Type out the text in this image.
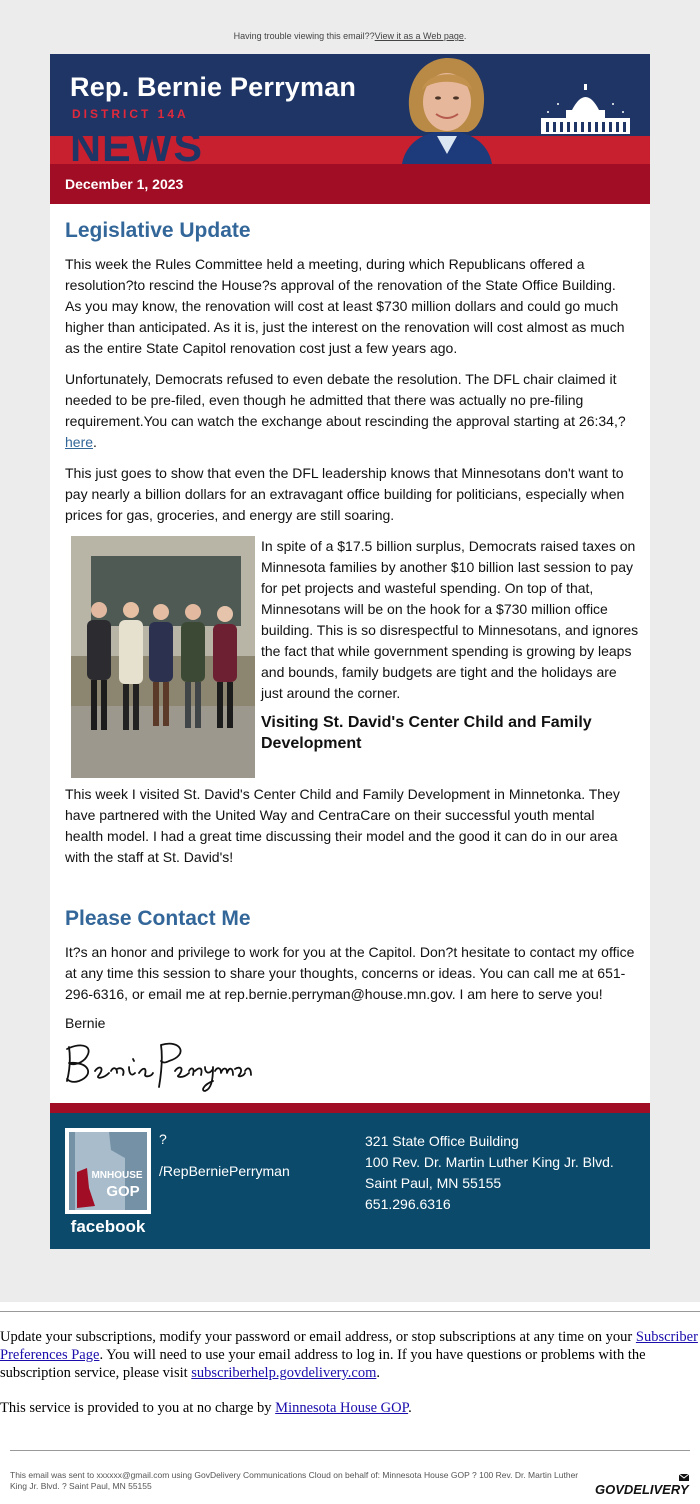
Having trouble viewing this email??View it as a Web page.
NEWS
Rep. Bernie Perryman
DISTRICT 14A
December 1, 2023
Legislative Update

This week the Rules Committee held a meeting, during which Republicans offered a resolution?to rescind the House?s approval of the renovation of the State Office Building. As you may know, the renovation will cost at least $730 million dollars and could go much higher than anticipated. As it is, just the interest on the renovation will cost almost as much as the entire State Capitol renovation cost just a few years ago.

Unfortunately, Democrats refused to even debate the resolution. The DFL chair claimed it needed to be pre-filed, even though he admitted that there was actually no pre-filing requirement.You can watch the exchange about rescinding the approval starting at 26:34,?here.

This just goes to show that even the DFL leadership knows that Minnesotans don't want to pay nearly a billion dollars for an extravagant office building for politicians, especially when prices for gas, groceries, and energy are still soaring.

In spite of a $17.5 billion surplus, Democrats raised taxes on Minnesota families by another $10 billion last session to pay for pet projects and wasteful spending. On top of that, Minnesotans will be on the hook for a $730 million office building. This is so disrespectful to Minnesotans, and ignores the fact that while government spending is growing by leaps and bounds, family budgets are tight and the holidays are just around the corner.

Visiting St. David's Center Child and Family Development

This week I visited St. David's Center Child and Family Development in Minnetonka. They have partnered with the United Way and CentraCare on their successful youth mental health model. I had a great time discussing their model and the good it can do in our area with the staff at St. David's!

Please Contact Me

It?s an honor and privilege to work for you at the Capitol. Don?t hesitate to contact my office at any time this session to share your thoughts, concerns or ideas. You can call me at 651-296-6316, or email me at rep.bernie.perryman@house.mn.gov. I am here to serve you!

Bernie
MNHOUSE
GOP
facebook
?
/RepBerniePerryman
321 State Office Building
100 Rev. Dr. Martin Luther King Jr. Blvd.
Saint Paul, MN 55155
651.296.6316
Update your subscriptions, modify your password or email address, or stop subscriptions at any time on your Subscriber Preferences Page. You will need to use your email address to log in. If you have questions or problems with the subscription service, please visit subscriberhelp.govdelivery.com.
This service is provided to you at no charge by Minnesota House GOP.
This email was sent to xxxxxx@gmail.com using GovDelivery Communications Cloud on behalf of: Minnesota House GOP ? 100 Rev. Dr. Martin Luther King Jr. Blvd. ? Saint Paul, MN 55155	GOVDELIVERY
